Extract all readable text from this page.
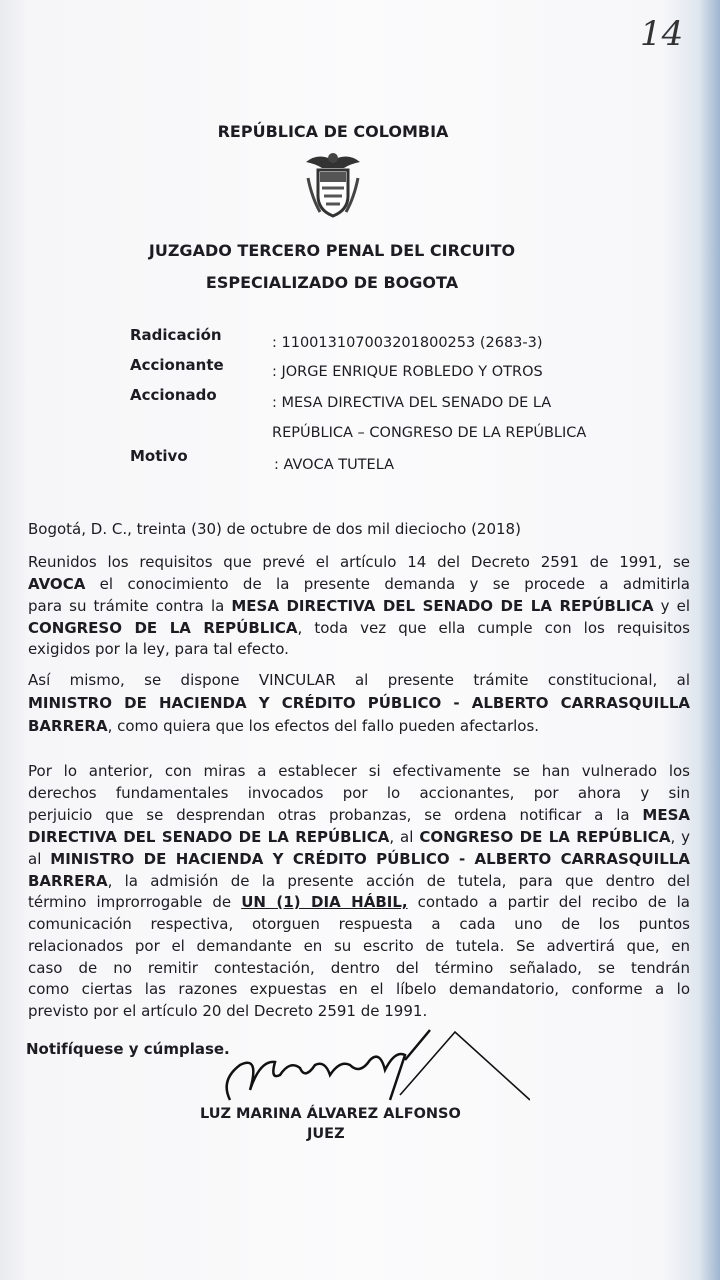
14
REPÚBLICA DE COLOMBIA
JUZGADO TERCERO PENAL DEL CIRCUITO
ESPECIALIZADO DE BOGOTA
Radicación	: 11001310700320180025​3 (2683-3)
Accionante	: JORGE ENRIQUE ROBLEDO Y OTROS
Accionado	: MESA DIRECTIVA DEL SENADO DE LA
REPÚBLICA – CONGRESO DE LA REPÚBLICA
Motivo	: AVOCA TUTELA
Bogotá, D. C., treinta (30) de octubre de dos mil dieciocho (2018)
Reunidos los requisitos que prevé el artículo 14 del Decreto 2591 de 1991, se
AVOCA el conocimiento de la presente demanda y se procede a admitirla
para su trámite contra la MESA DIRECTIVA DEL SENADO DE LA REPÚBLICA y el
CONGRESO DE LA REPÚBLICA, toda vez que ella cumple con los requisitos
exigidos por la ley, para tal efecto.
Así mismo, se dispone VINCULAR al presente trámite constitucional, al
MINISTRO DE HACIENDA Y CRÉDITO PÚBLICO - ALBERTO CARRASQUILLA
BARRERA, como quiera que los efectos del fallo pueden afectarlos.
Por lo anterior, con miras a establecer si efectivamente se han vulnerado los
derechos fundamentales invocados por lo accionantes, por ahora y sin
perjuicio que se desprendan otras probanzas, se ordena notificar a la MESA
DIRECTIVA DEL SENADO DE LA REPÚBLICA, al CONGRESO DE LA REPÚBLICA, y
al MINISTRO DE HACIENDA Y CRÉDITO PÚBLICO - ALBERTO CARRASQUILLA
BARRERA, la admisión de la presente acción de tutela, para que dentro del
término improrrogable de UN (1) DIA HÁBIL, contado a partir del recibo de la
comunicación respectiva, otorguen respuesta a cada uno de los puntos
relacionados por el demandante en su escrito de tutela. Se advertirá que, en
caso de no remitir contestación, dentro del término señalado, se tendrán
como ciertas las razones expuestas en el líbelo demandatorio, conforme a lo
previsto por el artículo 20 del Decreto 2591 de 1991.
Notifíquese y cúmplase.
LUZ MARINA ÁLVAREZ ALFONSO
JUEZ
